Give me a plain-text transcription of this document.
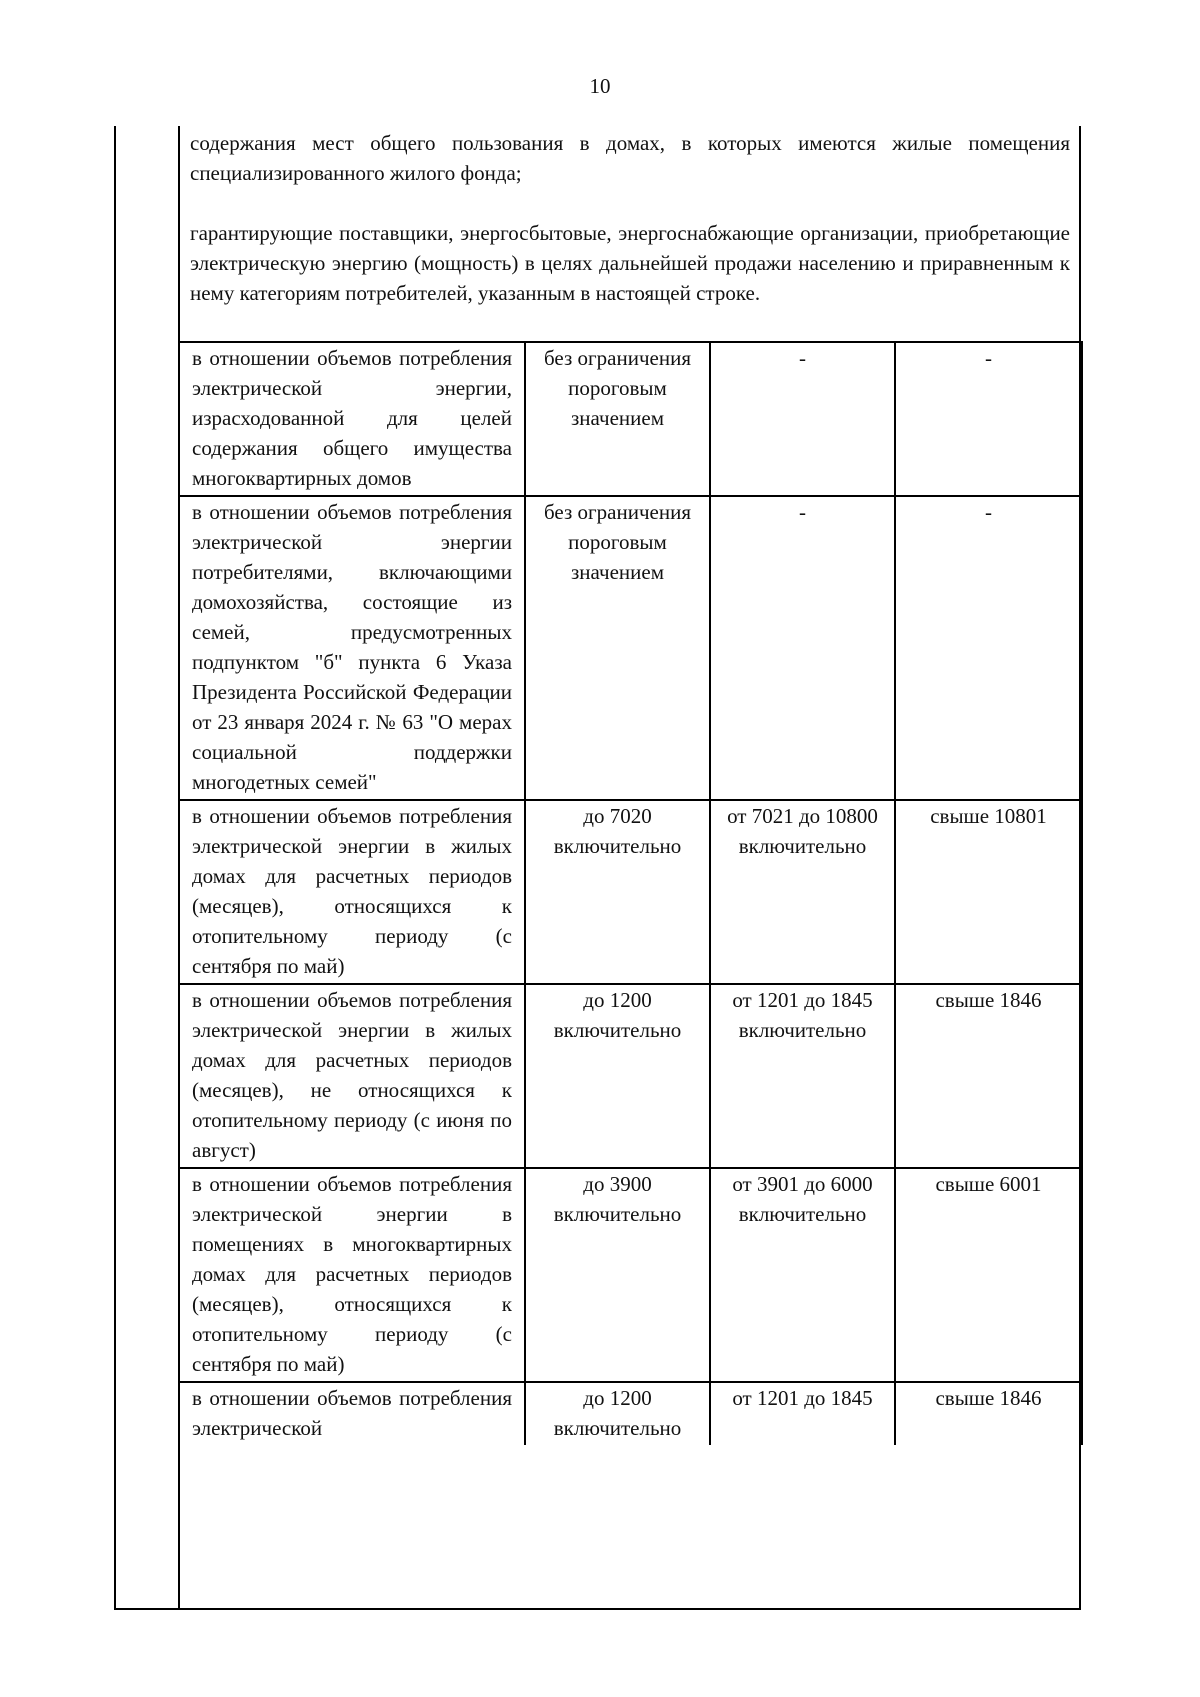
10

содержания мест общего пользования в домах, в которых имеются жилые помещения специализированного жилого фонда;

гарантирующие поставщики, энергосбытовые, энергоснабжающие организации, приобретающие электрическую энергию (мощность) в целях дальнейшей продажи населению и приравненным к нему категориям потребителей, указанным в настоящей строке.

в отношении объемов потребления электрической энергии, израсходованной для целей содержания общего имущества многоквартирных домов	без ограничения пороговым значением	-	-
в отношении объемов потребления электрической энергии потребителями, включающими домохозяйства, состоящие из семей, предусмотренных подпунктом "б" пункта 6 Указа Президента Российской Федерации от 23 января 2024 г. № 63 "О мерах социальной поддержки многодетных семей"	без ограничения пороговым значением	-	-
в отношении объемов потребления электрической энергии в жилых домах для расчетных периодов (месяцев), относящихся к отопительному периоду (с сентября по май)	до 7020 включительно	от 7021 до 10800 включительно	свыше 10801
в отношении объемов потребления электрической энергии в жилых домах для расчетных периодов (месяцев), не относящихся к отопительному периоду (с июня по август)	до 1200 включительно	от 1201 до 1845 включительно	свыше 1846
в отношении объемов потребления электрической энергии в помещениях в многоквартирных домах для расчетных периодов (месяцев), относящихся к отопительному периоду (с сентября по май)	до 3900 включительно	от 3901 до 6000 включительно	свыше 6001
в отношении объемов потребления электрической	до 1200 включительно	от 1201 до 1845	свыше 1846
